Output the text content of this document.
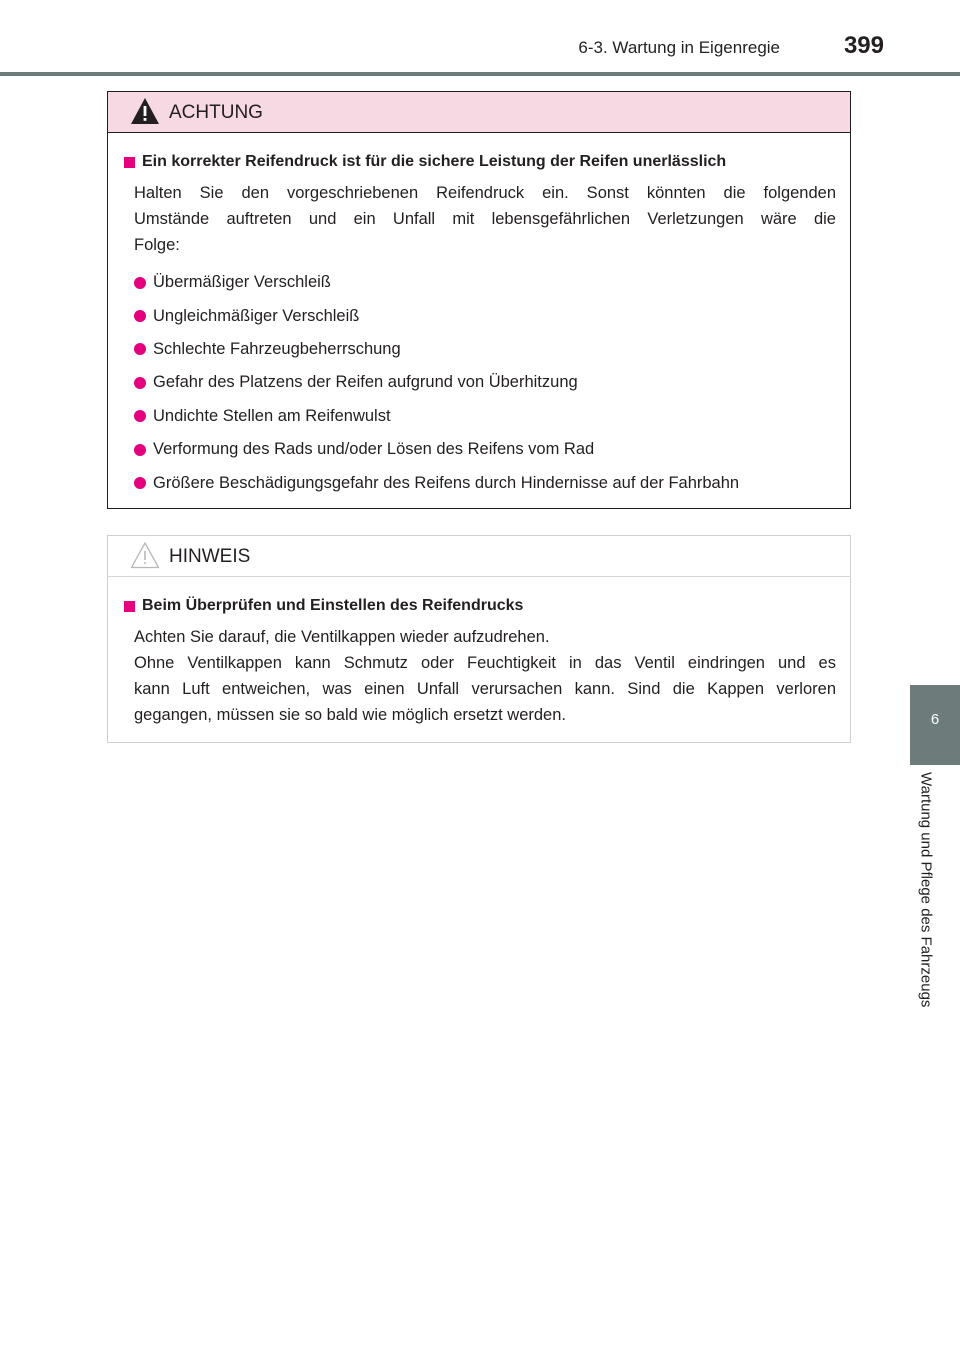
6-3. Wartung in Eigenregie	399
6
Wartung und Pflege des Fahrzeugs
ACHTUNG
Ein korrekter Reifendruck ist für die sichere Leistung der Reifen unerlässlich
Halten Sie den vorgeschriebenen Reifendruck ein. Sonst könnten die folgenden
Umstände auftreten und ein Unfall mit lebensgefährlichen Verletzungen wäre die
Folge:
Übermäßiger Verschleiß
Ungleichmäßiger Verschleiß
Schlechte Fahrzeugbeherrschung
Gefahr des Platzens der Reifen aufgrund von Überhitzung
Undichte Stellen am Reifenwulst
Verformung des Rads und/oder Lösen des Reifens vom Rad
Größere Beschädigungsgefahr des Reifens durch Hindernisse auf der Fahrbahn
HINWEIS
Beim Überprüfen und Einstellen des Reifendrucks
Achten Sie darauf, die Ventilkappen wieder aufzudrehen.
Ohne Ventilkappen kann Schmutz oder Feuchtigkeit in das Ventil eindringen und es
kann Luft entweichen, was einen Unfall verursachen kann. Sind die Kappen verloren
gegangen, müssen sie so bald wie möglich ersetzt werden.
